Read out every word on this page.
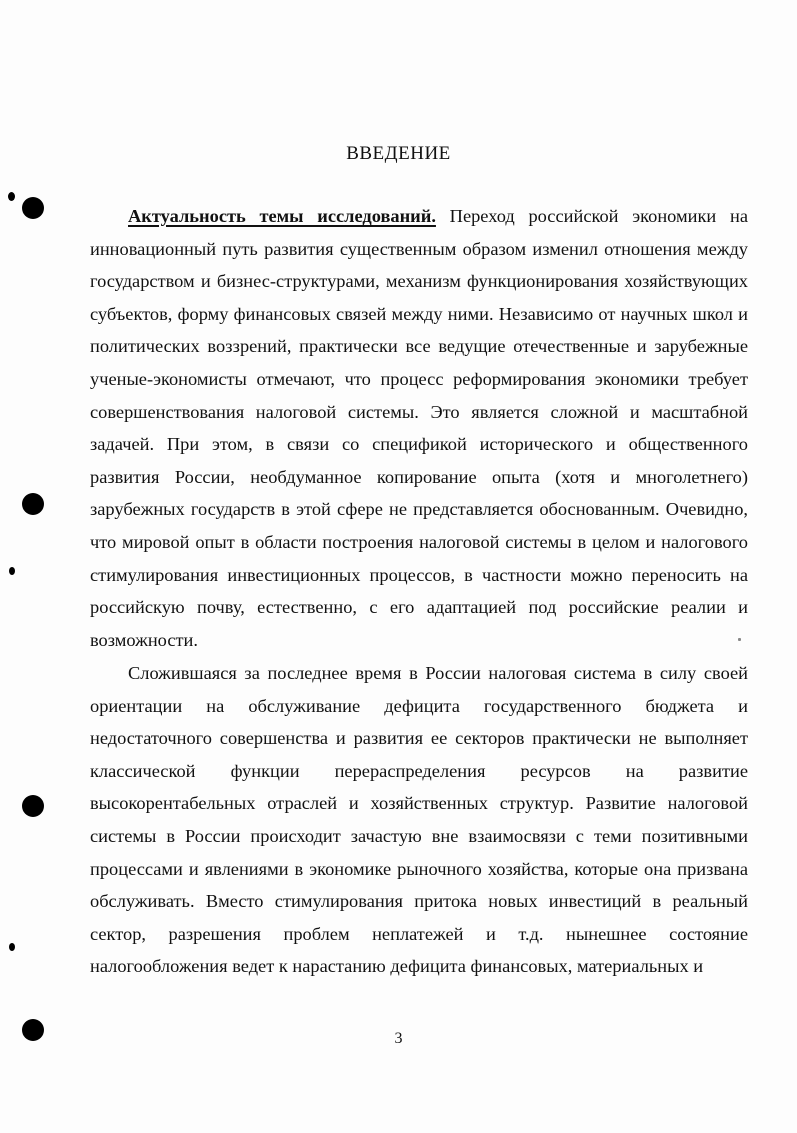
ВВЕДЕНИЕ

Актуальность темы исследований. Переход российской экономики на инновационный путь развития существенным образом изменил отношения между государством и бизнес-структурами, механизм функционирования хозяйствующих субъектов, форму финансовых связей между ними. Независимо от научных школ и политических воззрений, практически все ведущие отечественные и зарубежные ученые-экономисты отмечают, что процесс реформирования экономики требует совершенствования налоговой системы. Это является сложной и масштабной задачей. При этом, в связи со спецификой исторического и общественного развития России, необдуманное копирование опыта (хотя и многолетнего) зарубежных государств в этой сфере не представляется обоснованным. Очевидно, что мировой опыт в области построения налоговой системы в целом и налогового стимулирования инвестиционных процессов, в частности можно переносить на российскую почву, естественно, с его адаптацией под российские реалии и возможности.

Сложившаяся за последнее время в России налоговая система в силу своей ориентации на обслуживание дефицита государственного бюджета и недостаточного совершенства и развития ее секторов практически не выполняет классической функции перераспределения ресурсов на развитие высокорентабельных отраслей и хозяйственных структур. Развитие налоговой системы в России происходит зачастую вне взаимосвязи с теми позитивными процессами и явлениями в экономике рыночного хозяйства, которые она призвана обслуживать. Вместо стимулирования притока новых инвестиций в реальный сектор, разрешения проблем неплатежей и т.д. нынешнее состояние налогообложения ведет к нарастанию дефицита финансовых, материальных и

3
